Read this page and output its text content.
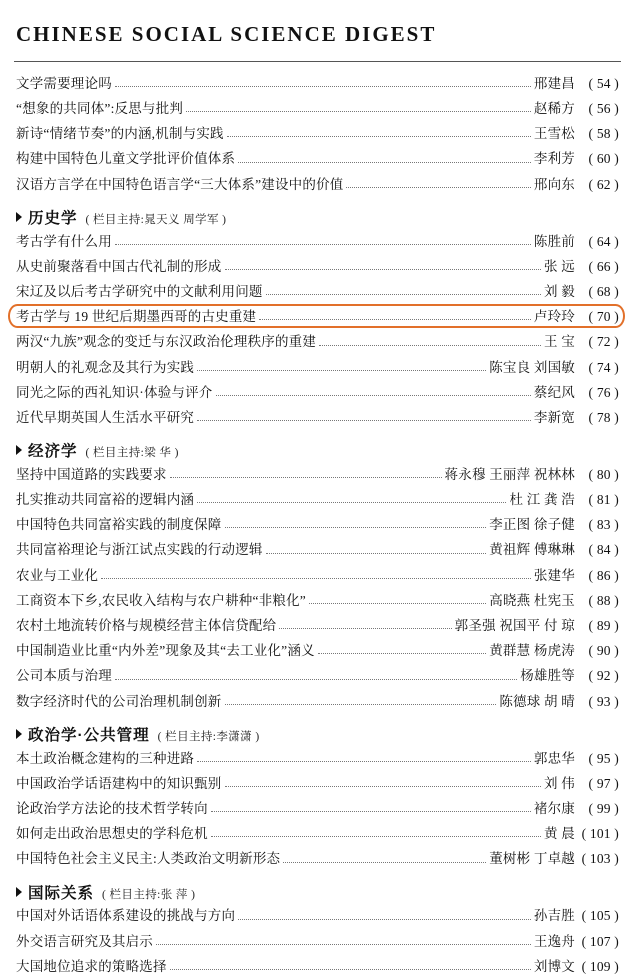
CHINESE SOCIAL SCIENCE DIGEST
文学需要理论吗	邢建昌	( 54 )
“想象的共同体”:反思与批判	赵稀方	( 56 )
新诗“情绪节奏”的内涵,机制与实践	王雪松	( 58 )
构建中国特色儿童文学批评价值体系	李利芳	( 60 )
汉语方言学在中国特色语言学“三大体系”建设中的价值	邢向东	( 62 )
历史学 ( 栏目主持:晁天义 周学军 )
考古学有什么用	陈胜前	( 64 )
从史前聚落看中国古代礼制的形成	张 远	( 66 )
宋辽及以后考古学研究中的文献利用问题	刘 毅	( 68 )
考古学与 19 世纪后期墨西哥的古史重建	卢玲玲	( 70 )
两汉“九族”观念的变迁与东汉政治伦理秩序的重建	王 宝	( 72 )
明朝人的礼观念及其行为实践	陈宝良 刘国敏	( 74 )
同光之际的西礼知识·体验与评介	蔡纪风	( 76 )
近代早期英国人生活水平研究	李新宽	( 78 )
经济学 ( 栏目主持:梁 华 )
坚持中国道路的实践要求	蒋永穆 王丽萍 祝林林	( 80 )
扎实推动共同富裕的逻辑内涵	杜 江 龚 浩	( 81 )
中国特色共同富裕实践的制度保障	李正图 徐子健	( 83 )
共同富裕理论与浙江试点实践的行动逻辑	黄祖辉 傅琳琳	( 84 )
农业与工业化	张建华	( 86 )
工商资本下乡,农民收入结构与农户耕种“非粮化”	高晓燕 杜宪玉	( 88 )
农村土地流转价格与规模经营主体信贷配给	郭圣强 祝国平 付 琼	( 89 )
中国制造业比重“内外差”现象及其“去工业化”涵义	黄群慧 杨虎涛	( 90 )
公司本质与治理	杨雄胜等	( 92 )
数字经济时代的公司治理机制创新	陈德球 胡 晴	( 93 )
政治学·公共管理 ( 栏目主持:李潇潇 )
本土政治概念建构的三种进路	郭忠华	( 95 )
中国政治学话语建构中的知识甄别	刘 伟	( 97 )
论政治学方法论的技术哲学转向	褚尔康	( 99 )
如何走出政治思想史的学科危机	黄 晨 ( 101 )
中国特色社会主义民主:人类政治文明新形态	董树彬 丁卓越 ( 103 )
国际关系 ( 栏目主持:张 萍 )
中国对外话语体系建设的挑战与方向	孙吉胜 ( 105 )
外交语言研究及其启示	王逸舟 ( 107 )
大国地位追求的策略选择	刘博文 ( 109 )
